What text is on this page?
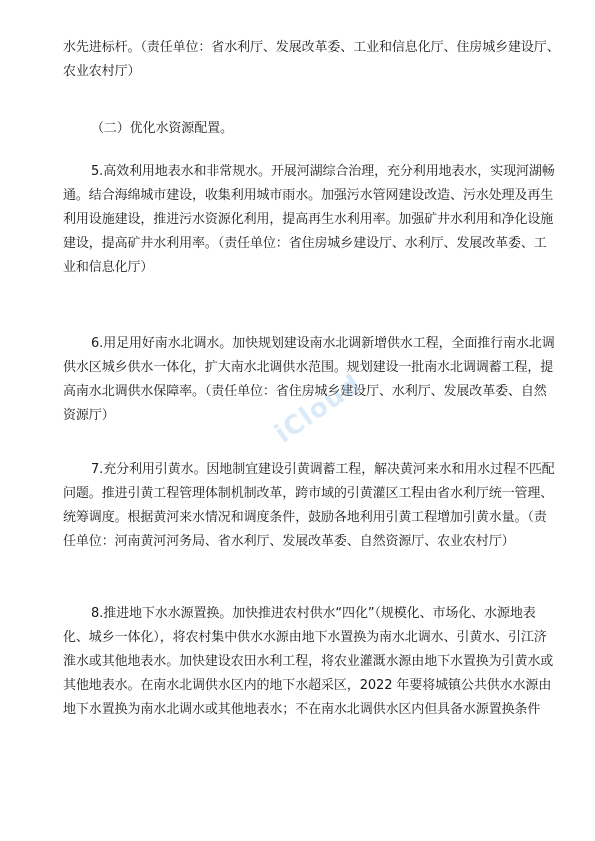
水先进标杆。（责任单位：省水利厅、发展改革委、工业和信息化厅、住房城乡建设厅、
农业农村厅）
（二）优化水资源配置。
5.高效利用地表水和非常规水。开展河湖综合治理，充分利用地表水，实现河湖畅
通。结合海绵城市建设，收集利用城市雨水。加强污水管网建设改造、污水处理及再生
利用设施建设，推进污水资源化利用，提高再生水利用率。加强矿井水利用和净化设施
建设，提高矿井水利用率。（责任单位：省住房城乡建设厅、水利厅、发展改革委、工
业和信息化厅）
6.用足用好南水北调水。加快规划建设南水北调新增供水工程，全面推行南水北调
供水区城乡供水一体化，扩大南水北调供水范围。规划建设一批南水北调调蓄工程，提
高南水北调供水保障率。（责任单位：省住房城乡建设厅、水利厅、发展改革委、自然
资源厅）
7.充分利用引黄水。因地制宜建设引黄调蓄工程，解决黄河来水和用水过程不匹配
问题。推进引黄工程管理体制机制改革，跨市域的引黄灌区工程由省水利厅统一管理、
统筹调度。根据黄河来水情况和调度条件，鼓励各地利用引黄工程增加引黄水量。（责
任单位：河南黄河河务局、省水利厅、发展改革委、自然资源厅、农业农村厅）
8.推进地下水水源置换。加快推进农村供水“四化”（规模化、市场化、水源地表
化、城乡一体化），将农村集中供水水源由地下水置换为南水北调水、引黄水、引江济
淮水或其他地表水。加快建设农田水利工程，将农业灌溉水源由地下水置换为引黄水或
其他地表水。在南水北调供水区内的地下水超采区，2022 年要将城镇公共供水水源由
地下水置换为南水北调水或其他地表水；不在南水北调供水区内但具备水源置换条件
iCloud
